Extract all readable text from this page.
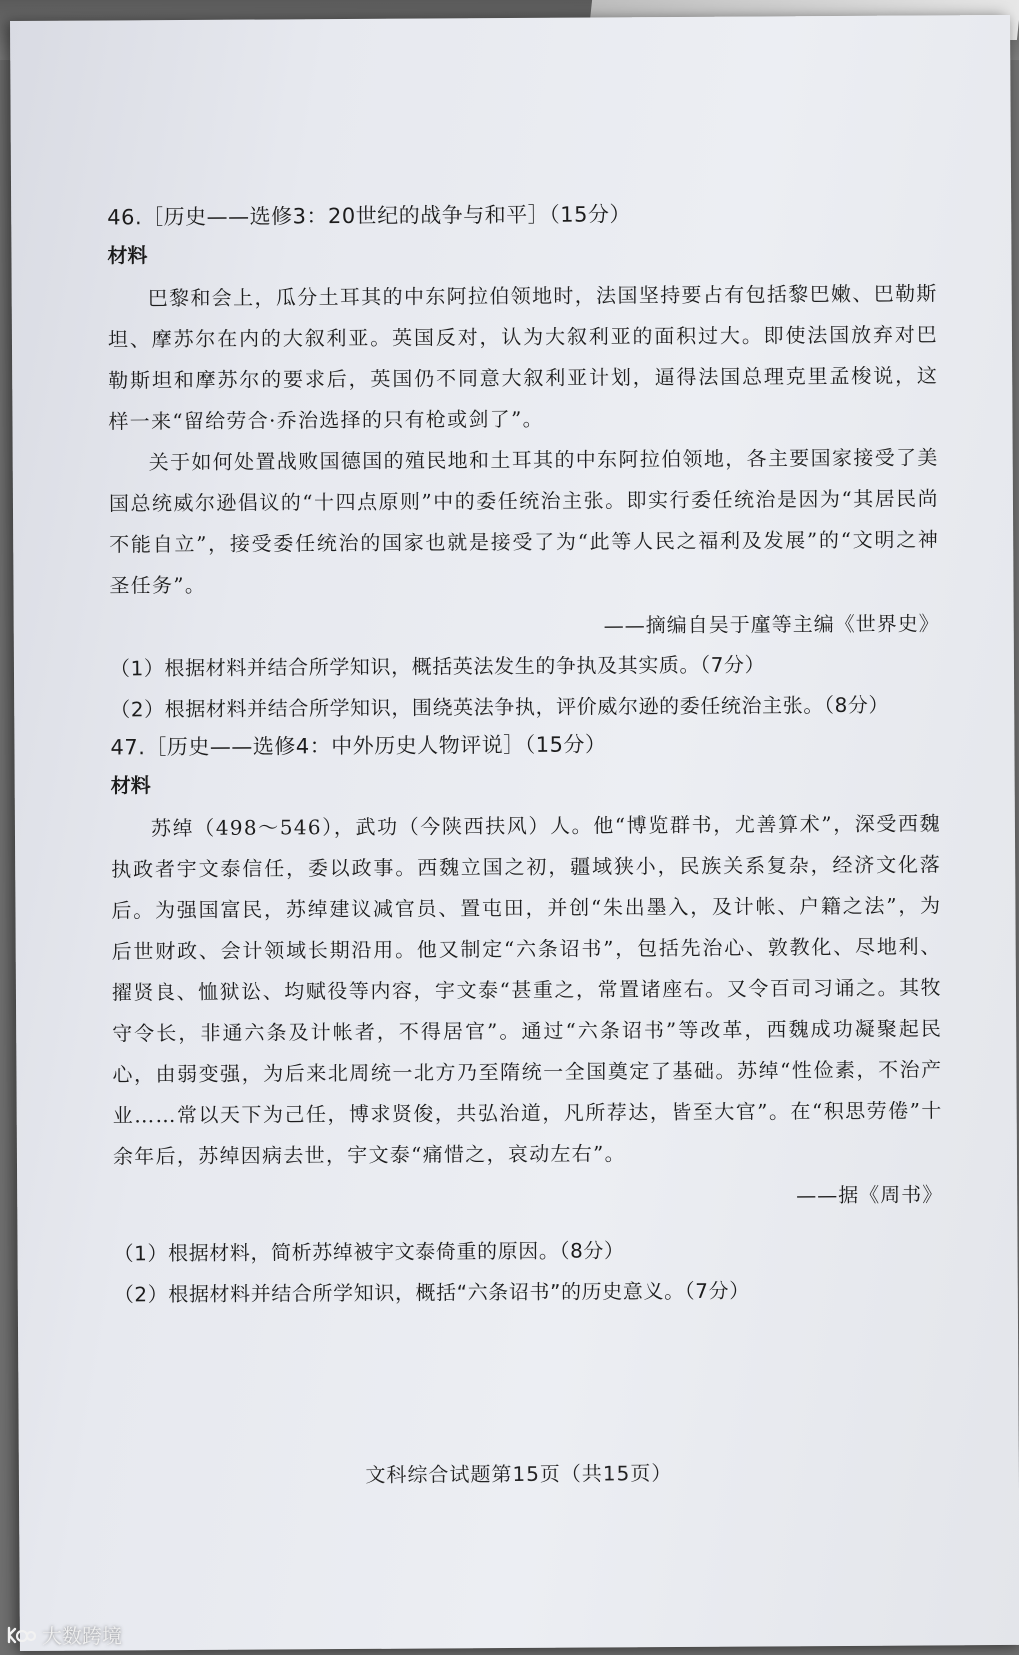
46.［历史——选修3：20世纪的战争与和平］（15分）

材料

巴黎和会上，瓜分土耳其的中东阿拉伯领地时，法国坚持要占有包括黎巴嫩、巴勒斯坦、摩苏尔在内的大叙利亚。英国反对，认为大叙利亚的面积过大。即使法国放弃对巴勒斯坦和摩苏尔的要求后，英国仍不同意大叙利亚计划，逼得法国总理克里孟梭说，这样一来“留给劳合·乔治选择的只有枪或剑了”。

关于如何处置战败国德国的殖民地和土耳其的中东阿拉伯领地，各主要国家接受了美国总统威尔逊倡议的“十四点原则”中的委任统治主张。即实行委任统治是因为“其居民尚不能自立”，接受委任统治的国家也就是接受了为“此等人民之福利及发展”的“文明之神圣任务”。

——摘编自吴于廑等主编《世界史》

（1）根据材料并结合所学知识，概括英法发生的争执及其实质。（7分）

（2）根据材料并结合所学知识，围绕英法争执，评价威尔逊的委任统治主张。（8分）

47.［历史——选修4：中外历史人物评说］（15分）

材料

苏绰（498～546），武功（今陕西扶风）人。他“博览群书，尤善算术”，深受西魏执政者宇文泰信任，委以政事。西魏立国之初，疆域狭小，民族关系复杂，经济文化落后。为强国富民，苏绰建议减官员、置屯田，并创“朱出墨入，及计帐、户籍之法”，为后世财政、会计领域长期沿用。他又制定“六条诏书”，包括先治心、敦教化、尽地利、擢贤良、恤狱讼、均赋役等内容，宇文泰“甚重之，常置诸座右。又令百司习诵之。其牧守令长，非通六条及计帐者，不得居官”。通过“六条诏书”等改革，西魏成功凝聚起民心，由弱变强，为后来北周统一北方乃至隋统一全国奠定了基础。苏绰“性俭素，不治产业……常以天下为己任，博求贤俊，共弘治道，凡所荐达，皆至大官”。在“积思劳倦”十余年后，苏绰因病去世，宇文泰“痛惜之，哀动左右”。

——据《周书》

（1）根据材料，简析苏绰被宇文泰倚重的原因。（8分）

（2）根据材料并结合所学知识，概括“六条诏书”的历史意义。（7分）

文科综合试题第15页（共15页）
大数跨境
